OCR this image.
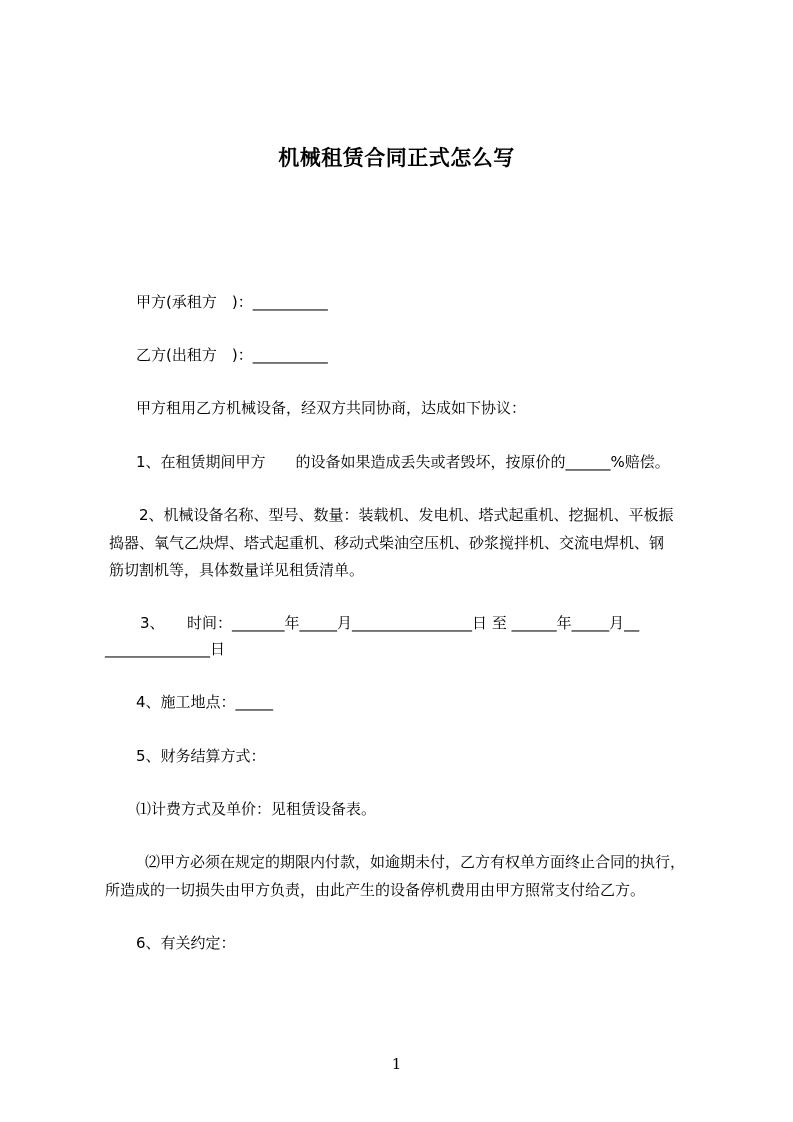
机械租赁合同正式怎么写
甲方(承租方　)：__________
乙方(出租方　)：__________
甲方租用乙方机械设备，经双方共同协商，达成如下协议：
1、在租赁期间甲方　　的设备如果造成丢失或者毁坏，按原价的______%赔偿。
2、机械设备名称、型号、数量：装载机、发电机、塔式起重机、挖掘机、平板振
捣器、氧气乙炔焊、塔式起重机、移动式柴油空压机、砂浆搅拌机、交流电焊机、钢
筋切割机等，具体数量详见租赁清单。
3、　　时间：_______年_____月________________日 至 ______年_____月__
______________日
4、施工地点：_____
5、财务结算方式：
⑴计费方式及单价：见租赁设备表。
⑵甲方必须在规定的期限内付款，如逾期未付，乙方有权单方面终止合同的执行，
所造成的一切损失由甲方负责，由此产生的设备停机费用由甲方照常支付给乙方。
6、有关约定：
1
